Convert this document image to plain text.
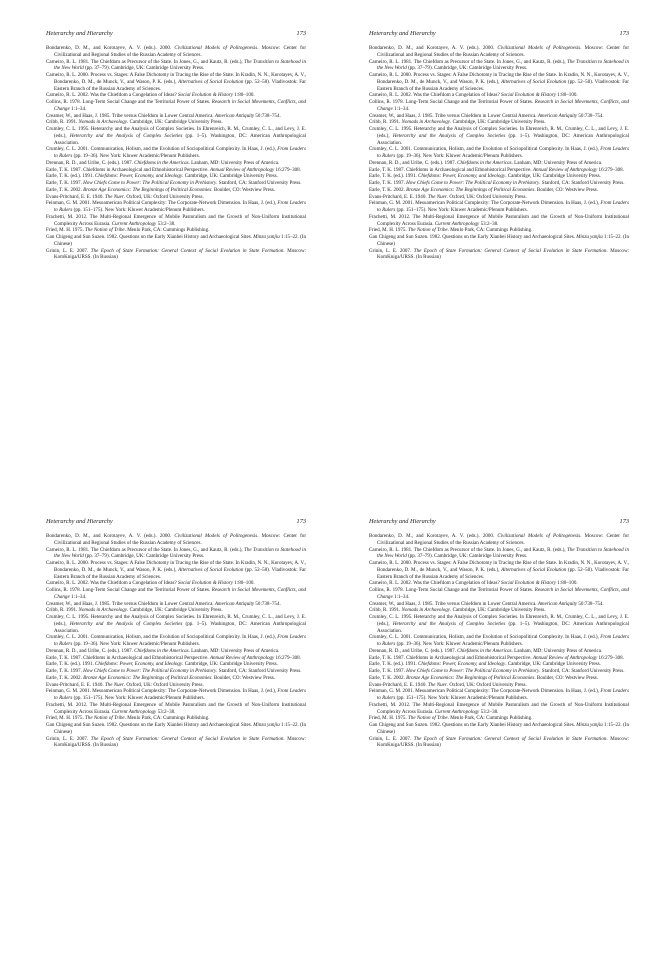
Heterarchy and Hierarchy	173
Bondarenko, D. M., and Korotayev, A. V. (eds.). 2000. Civilizational Models of Politogenesis. Moscow: Center for Civilizational and Regional Studies of the Russian Academy of Sciences.
Carneiro, R. L. 1981. The Chiefdom as Precursor of the State. In Jones, G., and Kautz, R. (eds.), The Transition to Statehood in the New World (pp. 37–79). Cambridge, UK: Cambridge University Press.
Carneiro, R. L. 2000. Process vs. Stages: A False Dichotomy in Tracing the Rise of the State. In Kradin, N. N., Korotayev, A. V., Bondarenko, D. M., de Munck, V., and Wason, P. K. (eds.), Alternatives of Social Evolution (pp. 52–58). Vladivostok: Far Eastern Branch of the Russian Academy of Sciences.
Carneiro, R. L. 2002. Was the Chiefdom a Congelation of Ideas? Social Evolution & History 1:80–100.
Collins, R. 1978. Long-Term Social Change and the Territorial Power of States. Research in Social Movements, Conflicts, and Change 1:1–34.
Creamer, W., and Haas, J. 1985. Tribe versus Chiefdom in Lower Central America. American Antiquity 50:738–754.
Cribb, R. 1991. Nomads in Archaeology. Cambridge, UK: Cambridge University Press.
Crumley, C. L. 1995. Heterarchy and the Analysis of Complex Societies. In Ehrenreich, R. M., Crumley, C. L., and Levy, J. E. (eds.), Heterarchy and the Analysis of Complex Societies (pp. 1–5). Washington, DC: American Anthropological Association.
Crumley, C. L. 2001. Communication, Holism, and the Evolution of Sociopolitical Complexity. In Haas, J. (ed.), From Leaders to Rulers (pp. 19–36). New York: Kluwer Academic/Plenum Publishers.
Drennan, R. D., and Uribe, C. (eds.). 1987. Chiefdoms in the Americas. Lanham, MD: University Press of America.
Earle, T. K. 1987. Chiefdoms in Archaeological and Ethnohistorical Perspective. Annual Review of Anthropology 16:279–308.
Earle, T. K. (ed.). 1991. Chiefdoms: Power, Economy, and Ideology. Cambridge, UK: Cambridge University Press.
Earle, T. K. 1997. How Chiefs Come to Power: The Political Economy in Prehistory. Stanford, CA: Stanford University Press.
Earle, T. K. 2002. Bronze Age Economics: The Beginnings of Political Economies. Boulder, CO: Westview Press.
Evans-Pritchard, E. E. 1940. The Nuer. Oxford, UK: Oxford University Press.
Feinman, G. M. 2001. Mesoamerican Political Complexity: The Corporate-Network Dimension. In Haas, J. (ed.), From Leaders to Rulers (pp. 151–175). New York: Kluwer Academic/Plenum Publishers.
Frachetti, M. 2012. The Multi-Regional Emergence of Mobile Pastoralism and the Growth of Non-Uniform Institutional Complexity Across Eurasia. Current Anthropology 53:2–38.
Fried, M. H. 1975. The Notion of Tribe. Menlo Park, CA: Cummings Publishing.
Gan Chigeng and Sun Suzen. 1982. Questions on the Early Xianbei History and Archaeological Sites. Minzu yanjiu 1:15–22. (In Chinese)
Grinin, L. E. 2007. The Epoch of State Formation: General Context of Social Evolution in State Formation. Moscow: KomKniga/URSS. (In Russian)
Heterarchy and Hierarchy	173
Bondarenko, D. M., and Korotayev, A. V. (eds.). 2000. Civilizational Models of Politogenesis. Moscow: Center for Civilizational and Regional Studies of the Russian Academy of Sciences.
Carneiro, R. L. 1981. The Chiefdom as Precursor of the State. In Jones, G., and Kautz, R. (eds.), The Transition to Statehood in the New World (pp. 37–79). Cambridge, UK: Cambridge University Press.
Carneiro, R. L. 2000. Process vs. Stages: A False Dichotomy in Tracing the Rise of the State. In Kradin, N. N., Korotayev, A. V., Bondarenko, D. M., de Munck, V., and Wason, P. K. (eds.), Alternatives of Social Evolution (pp. 52–58). Vladivostok: Far Eastern Branch of the Russian Academy of Sciences.
Carneiro, R. L. 2002. Was the Chiefdom a Congelation of Ideas? Social Evolution & History 1:80–100.
Collins, R. 1978. Long-Term Social Change and the Territorial Power of States. Research in Social Movements, Conflicts, and Change 1:1–34.
Creamer, W., and Haas, J. 1985. Tribe versus Chiefdom in Lower Central America. American Antiquity 50:738–754.
Cribb, R. 1991. Nomads in Archaeology. Cambridge, UK: Cambridge University Press.
Crumley, C. L. 1995. Heterarchy and the Analysis of Complex Societies. In Ehrenreich, R. M., Crumley, C. L., and Levy, J. E. (eds.), Heterarchy and the Analysis of Complex Societies (pp. 1–5). Washington, DC: American Anthropological Association.
Crumley, C. L. 2001. Communication, Holism, and the Evolution of Sociopolitical Complexity. In Haas, J. (ed.), From Leaders to Rulers (pp. 19–36). New York: Kluwer Academic/Plenum Publishers.
Drennan, R. D., and Uribe, C. (eds.). 1987. Chiefdoms in the Americas. Lanham, MD: University Press of America.
Earle, T. K. 1987. Chiefdoms in Archaeological and Ethnohistorical Perspective. Annual Review of Anthropology 16:279–308.
Earle, T. K. (ed.). 1991. Chiefdoms: Power, Economy, and Ideology. Cambridge, UK: Cambridge University Press.
Earle, T. K. 1997. How Chiefs Come to Power: The Political Economy in Prehistory. Stanford, CA: Stanford University Press.
Earle, T. K. 2002. Bronze Age Economics: The Beginnings of Political Economies. Boulder, CO: Westview Press.
Evans-Pritchard, E. E. 1940. The Nuer. Oxford, UK: Oxford University Press.
Feinman, G. M. 2001. Mesoamerican Political Complexity: The Corporate-Network Dimension. In Haas, J. (ed.), From Leaders to Rulers (pp. 151–175). New York: Kluwer Academic/Plenum Publishers.
Frachetti, M. 2012. The Multi-Regional Emergence of Mobile Pastoralism and the Growth of Non-Uniform Institutional Complexity Across Eurasia. Current Anthropology 53:2–38.
Fried, M. H. 1975. The Notion of Tribe. Menlo Park, CA: Cummings Publishing.
Gan Chigeng and Sun Suzen. 1982. Questions on the Early Xianbei History and Archaeological Sites. Minzu yanjiu 1:15–22. (In Chinese)
Grinin, L. E. 2007. The Epoch of State Formation: General Context of Social Evolution in State Formation. Moscow: KomKniga/URSS. (In Russian)
Heterarchy and Hierarchy	173
Bondarenko, D. M., and Korotayev, A. V. (eds.). 2000. Civilizational Models of Politogenesis. Moscow: Center for Civilizational and Regional Studies of the Russian Academy of Sciences.
Carneiro, R. L. 1981. The Chiefdom as Precursor of the State. In Jones, G., and Kautz, R. (eds.), The Transition to Statehood in the New World (pp. 37–79). Cambridge, UK: Cambridge University Press.
Carneiro, R. L. 2000. Process vs. Stages: A False Dichotomy in Tracing the Rise of the State. In Kradin, N. N., Korotayev, A. V., Bondarenko, D. M., de Munck, V., and Wason, P. K. (eds.), Alternatives of Social Evolution (pp. 52–58). Vladivostok: Far Eastern Branch of the Russian Academy of Sciences.
Carneiro, R. L. 2002. Was the Chiefdom a Congelation of Ideas? Social Evolution & History 1:80–100.
Collins, R. 1978. Long-Term Social Change and the Territorial Power of States. Research in Social Movements, Conflicts, and Change 1:1–34.
Creamer, W., and Haas, J. 1985. Tribe versus Chiefdom in Lower Central America. American Antiquity 50:738–754.
Cribb, R. 1991. Nomads in Archaeology. Cambridge, UK: Cambridge University Press.
Crumley, C. L. 1995. Heterarchy and the Analysis of Complex Societies. In Ehrenreich, R. M., Crumley, C. L., and Levy, J. E. (eds.), Heterarchy and the Analysis of Complex Societies (pp. 1–5). Washington, DC: American Anthropological Association.
Crumley, C. L. 2001. Communication, Holism, and the Evolution of Sociopolitical Complexity. In Haas, J. (ed.), From Leaders to Rulers (pp. 19–36). New York: Kluwer Academic/Plenum Publishers.
Drennan, R. D., and Uribe, C. (eds.). 1987. Chiefdoms in the Americas. Lanham, MD: University Press of America.
Earle, T. K. 1987. Chiefdoms in Archaeological and Ethnohistorical Perspective. Annual Review of Anthropology 16:279–308.
Earle, T. K. (ed.). 1991. Chiefdoms: Power, Economy, and Ideology. Cambridge, UK: Cambridge University Press.
Earle, T. K. 1997. How Chiefs Come to Power: The Political Economy in Prehistory. Stanford, CA: Stanford University Press.
Earle, T. K. 2002. Bronze Age Economics: The Beginnings of Political Economies. Boulder, CO: Westview Press.
Evans-Pritchard, E. E. 1940. The Nuer. Oxford, UK: Oxford University Press.
Feinman, G. M. 2001. Mesoamerican Political Complexity: The Corporate-Network Dimension. In Haas, J. (ed.), From Leaders to Rulers (pp. 151–175). New York: Kluwer Academic/Plenum Publishers.
Frachetti, M. 2012. The Multi-Regional Emergence of Mobile Pastoralism and the Growth of Non-Uniform Institutional Complexity Across Eurasia. Current Anthropology 53:2–38.
Fried, M. H. 1975. The Notion of Tribe. Menlo Park, CA: Cummings Publishing.
Gan Chigeng and Sun Suzen. 1982. Questions on the Early Xianbei History and Archaeological Sites. Minzu yanjiu 1:15–22. (In Chinese)
Grinin, L. E. 2007. The Epoch of State Formation: General Context of Social Evolution in State Formation. Moscow: KomKniga/URSS. (In Russian)
Heterarchy and Hierarchy	173
Bondarenko, D. M., and Korotayev, A. V. (eds.). 2000. Civilizational Models of Politogenesis. Moscow: Center for Civilizational and Regional Studies of the Russian Academy of Sciences.
Carneiro, R. L. 1981. The Chiefdom as Precursor of the State. In Jones, G., and Kautz, R. (eds.), The Transition to Statehood in the New World (pp. 37–79). Cambridge, UK: Cambridge University Press.
Carneiro, R. L. 2000. Process vs. Stages: A False Dichotomy in Tracing the Rise of the State. In Kradin, N. N., Korotayev, A. V., Bondarenko, D. M., de Munck, V., and Wason, P. K. (eds.), Alternatives of Social Evolution (pp. 52–58). Vladivostok: Far Eastern Branch of the Russian Academy of Sciences.
Carneiro, R. L. 2002. Was the Chiefdom a Congelation of Ideas? Social Evolution & History 1:80–100.
Collins, R. 1978. Long-Term Social Change and the Territorial Power of States. Research in Social Movements, Conflicts, and Change 1:1–34.
Creamer, W., and Haas, J. 1985. Tribe versus Chiefdom in Lower Central America. American Antiquity 50:738–754.
Cribb, R. 1991. Nomads in Archaeology. Cambridge, UK: Cambridge University Press.
Crumley, C. L. 1995. Heterarchy and the Analysis of Complex Societies. In Ehrenreich, R. M., Crumley, C. L., and Levy, J. E. (eds.), Heterarchy and the Analysis of Complex Societies (pp. 1–5). Washington, DC: American Anthropological Association.
Crumley, C. L. 2001. Communication, Holism, and the Evolution of Sociopolitical Complexity. In Haas, J. (ed.), From Leaders to Rulers (pp. 19–36). New York: Kluwer Academic/Plenum Publishers.
Drennan, R. D., and Uribe, C. (eds.). 1987. Chiefdoms in the Americas. Lanham, MD: University Press of America.
Earle, T. K. 1987. Chiefdoms in Archaeological and Ethnohistorical Perspective. Annual Review of Anthropology 16:279–308.
Earle, T. K. (ed.). 1991. Chiefdoms: Power, Economy, and Ideology. Cambridge, UK: Cambridge University Press.
Earle, T. K. 1997. How Chiefs Come to Power: The Political Economy in Prehistory. Stanford, CA: Stanford University Press.
Earle, T. K. 2002. Bronze Age Economics: The Beginnings of Political Economies. Boulder, CO: Westview Press.
Evans-Pritchard, E. E. 1940. The Nuer. Oxford, UK: Oxford University Press.
Feinman, G. M. 2001. Mesoamerican Political Complexity: The Corporate-Network Dimension. In Haas, J. (ed.), From Leaders to Rulers (pp. 151–175). New York: Kluwer Academic/Plenum Publishers.
Frachetti, M. 2012. The Multi-Regional Emergence of Mobile Pastoralism and the Growth of Non-Uniform Institutional Complexity Across Eurasia. Current Anthropology 53:2–38.
Fried, M. H. 1975. The Notion of Tribe. Menlo Park, CA: Cummings Publishing.
Gan Chigeng and Sun Suzen. 1982. Questions on the Early Xianbei History and Archaeological Sites. Minzu yanjiu 1:15–22. (In Chinese)
Grinin, L. E. 2007. The Epoch of State Formation: General Context of Social Evolution in State Formation. Moscow: KomKniga/URSS. (In Russian)
